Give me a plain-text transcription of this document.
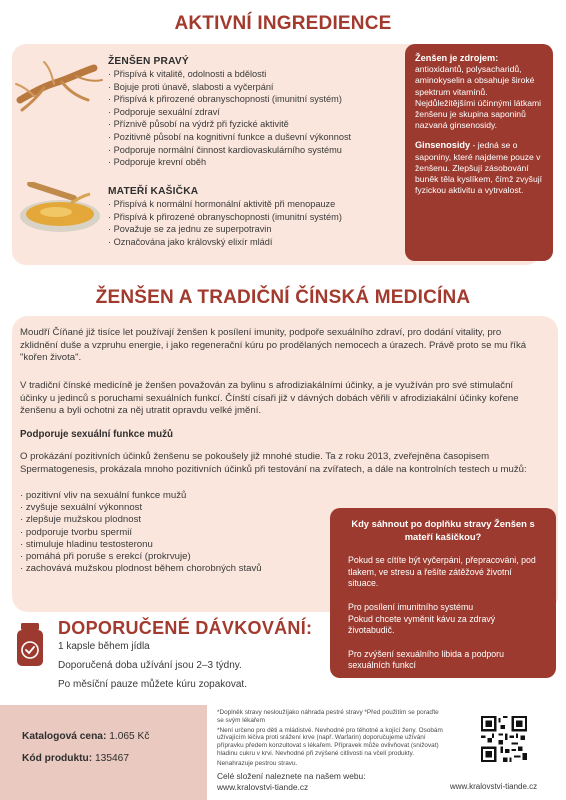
AKTIVNÍ INGREDIENCE
ŽENŠEN PRAVÝ
· Přispívá k vitalitě, odolnosti a bdělosti
· Bojuje proti únavě, slabosti a vyčerpání
· Přispívá k přirozené obranyschopnosti (imunitní systém)
· Podporuje sexuální zdraví
· Příznivě působí na výdrž při fyzické aktivitě
· Pozitivně působí na kognitivní funkce a duševní výkonnost
· Podporuje normální činnost kardiovaskulárního systému
· Podporuje krevní oběh
MATEŘÍ KAŠIČKA
· Přispívá k normální hormonální aktivitě při menopauze
· Přispívá k přirozené obranyschopnosti (imunitní systém)
· Považuje se za jednu ze superpotravin
· Označována jako královský elixír mládí

Ženšen je zdrojem:
antioxidantů, polysacharidů, aminokyselin a obsahuje široké spektrum vitamínů. Nejdůležitějšími účinnými látkami ženšenu je skupina saponinů nazvaná ginsenosidy.

Ginsenosidy - jedná se o saponiny, které najdeme pouze v ženšenu. Zlepšují zásobování buněk těla kyslíkem, čímž zvyšují fyzickou aktivitu a vytrvalost.

ŽENŠEN A TRADIČNÍ ČÍNSKÁ MEDICÍNA
Moudří Číňané již tisíce let používají ženšen k posílení imunity, podpoře sexuálního zdraví, pro dodání vitality, pro zklidnění duše a vzpruhu energie, i jako regenerační kúru po prodělaných nemocech a úrazech. Právě proto se mu říká "kořen života".
V tradiční čínské medicíně je ženšen považován za bylinu s afrodiziakálními účinky, a je využíván pro své stimulační účinky u jedinců s poruchami sexuálních funkcí. Čínští císaři již v dávných dobách věřili v afrodiziakální účinky kořene ženšenu a byli ochotni za něj utratit opravdu velké jmění.
Podporuje sexuální funkce mužů
O prokázání pozitivních účinků ženšenu se pokoušely již mnohé studie. Ta z roku 2013, zveřejněna časopisem Spermatogenesis, prokázala mnoho pozitivních účinků při testování na zvířatech, a dále na kontrolních testech u mužů:
· pozitivní vliv na sexuální funkce mužů
· zvyšuje sexuální výkonnost
· zlepšuje mužskou plodnost
· podporuje tvorbu spermií
· stimuluje hladinu testosteronu
· pomáhá při poruše s erekcí (prokrvuje)
· zachovává mužskou plodnost během chorobných stavů
Kdy sáhnout po doplňku stravy Ženšen s mateří kašičkou?

Pokud se cítíte být vyčerpáni, přepracováni, pod tlakem, ve stresu a řešíte zátěžové životní situace.

Pro posílení imunitního systému
Pokud chcete vyměnit kávu za zdravý životabudič.

Pro zvýšení sexuálního libida a podporu sexuálních funkcí

DOPORUČENÉ DÁVKOVÁNÍ:
1 kapsle během jídla
Doporučená doba užívání jsou 2–3 týdny.
Po měsíční pauze můžete kúru zopakovat.
Katalogová cena: 1.065 Kč
Kód produktu: 135467

*Doplněk stravy nesloužíjako náhrada pestré stravy *Před použitím se poraďte se svým lékařem

*Není určeno pro děti a mládistvé. Nevhodné pro těhotné a kojící ženy. Osobám užívajícím léčiva proti srážení krve (např. Warfarin) doporučujeme užívání přípravku předem konzultovat s lékařem. Přípravek může ovlivňovat (snižovat) hladinu cukru v krvi. Nevhodné při zvýšené citlivosti na včelí produkty.

Nenahrazuje pestrou stravu.

Celé složení naleznete na našem webu:
www.kralovstvi-tiande.cz	www.kralovstvi-tiande.cz
